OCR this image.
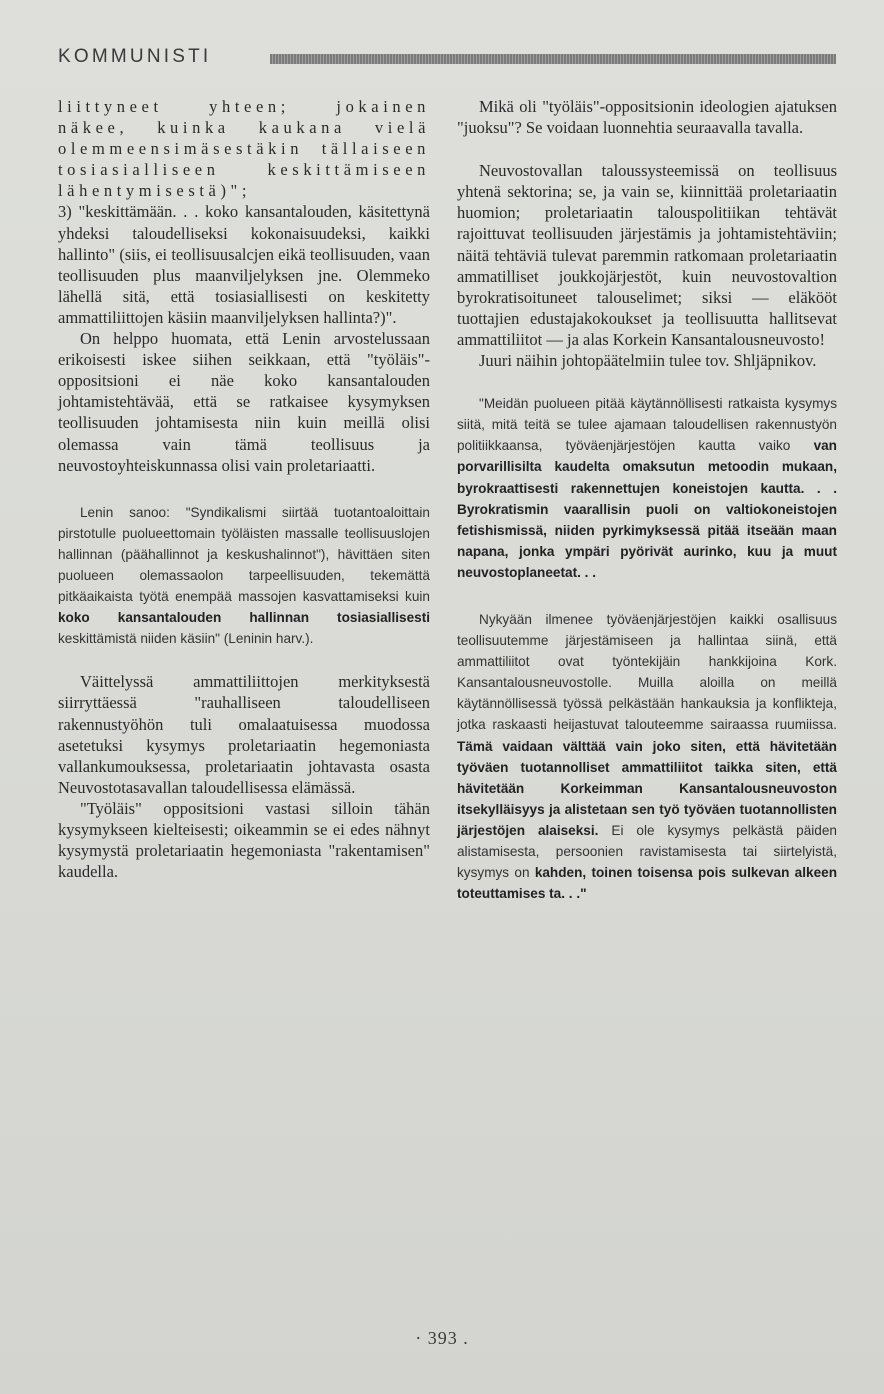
KOMMUNISTI

liittyneet yhteen; jokainen näkee, kuinka kaukana vielä olemmeensimäsestäkin tällaiseen tosiasialliseen keskittämiseen lähentymisestä)";

3) "keskittämään. . . koko kansantalouden, käsitettynä yhdeksi taloudelliseksi kokonaisuudeksi, kaikki hallinto" (siis, ei teollisuusalcjen eikä teollisuuden, vaan teollisuuden plus maanviljelyksen jne. Olemmeko lähellä sitä, että tosiasiallisesti on keskitetty ammattiliittojen käsiin maanviljelyksen hallinta?)".

On helppo huomata, että Lenin arvostelussaan erikoisesti iskee siihen seikkaan, että "työläis"-oppositsioni ei näe koko kansantalouden johtamistehtävää, että se ratkaisee kysymyksen teollisuuden johtamisesta niin kuin meillä olisi olemassa vain tämä teollisuus ja neuvostoyhteiskunnassa olisi vain proletariaatti.

Lenin sanoo: "Syndikalismi siirtää tuotantoaloittain pirstotulle puolueettomain työläisten massalle teollisuuslojen hallinnan (päähallinnot ja keskushalinnot"), hävittäen siten puolueen olemassaolon tarpeellisuuden, tekemättä pitkäaikaista työtä enempää massojen kasvattamiseksi kuin koko kansantalouden hallinnan tosiasiallisesti keskittämistä niiden käsiin" (Leninin harv.).

Väittelyssä ammattiliittojen merkityksestä siirryttäessä "rauhalliseen taloudelliseen rakennustyöhön tuli omalaatuisessa muodossa asetetuksi kysymys proletariaatin hegemoniasta vallankumouksessa, proletariaatin johtavasta osasta Neuvostotasavallan taloudellisessa elämässä.

"Työläis" oppositsioni vastasi silloin tähän kysymykseen kielteisesti; oikeammin se ei edes nähnyt kysymystä proletariaatin hegemoniasta "rakentamisen" kaudella.

Mikä oli "työläis"-oppositsionin ideologien ajatuksen "juoksu"? Se voidaan luonnehtia seuraavalla tavalla.

Neuvostovallan taloussysteemissä on teollisuus yhtenä sektorina; se, ja vain se, kiinnittää proletariaatin huomion; proletariaatin talouspolitiikan tehtävät rajoittuvat teollisuuden järjestämis ja johtamistehtäviin; näitä tehtäviä tulevat paremmin ratkomaan proletariaatin ammatilliset joukkojärjestöt, kuin neuvostovaltion byrokratisoituneet talouselimet; siksi — eläkööt tuottajien edustajakokoukset ja teollisuutta hallitsevat ammattiliitot — ja alas Korkein Kansantalousneuvosto!

Juuri näihin johtopäätelmiin tulee tov. Shljäpnikov.

"Meidän puolueen pitää käytännöllisesti ratkaista kysymys siitä, mitä teitä se tulee ajamaan taloudellisen rakennustyön politiikkaansa, työväenjärjestöjen kautta vaiko van porvarillisilta kaudelta omaksutun metoodin mukaan, byrokraattisesti rakennettujen koneistojen kautta. . . Byrokratismin vaarallisin puoli on valtiokoneistojen fetishismissä, niiden pyrkimyksessä pitää itseään maan napana, jonka ympäri pyörivät aurinko, kuu ja muut neuvostoplaneetat. . .

Nykyään ilmenee työväenjärjestöjen kaikki osallisuus teollisuutemme järjestämiseen ja hallintaa siinä, että ammattiliitot ovat työntekijäin hankkijoina Kork. Kansantalousneuvostolle. Muilla aloilla on meillä käytännöllisessä työssä pelkästään hankauksia ja konflikteja, jotka raskaasti heijastuvat talouteemme sairaassa ruumiissa. Tämä vaidaan välttää vain joko siten, että hävitetään työväen tuotannolliset ammattiliitot taikka siten, että hävitetään Korkeimman Kansantalousneuvoston itsekylläisyys ja alistetaan sen työ työväen tuotannollisten järjestöjen alaiseksi. Ei ole kysymys pelkästä päiden alistamisesta, persoonien ravistamisesta tai siirtelyistä, kysymys on kahden, toinen toisensa pois sulkevan alkeen toteuttamises ta. . ."

· 393 .
